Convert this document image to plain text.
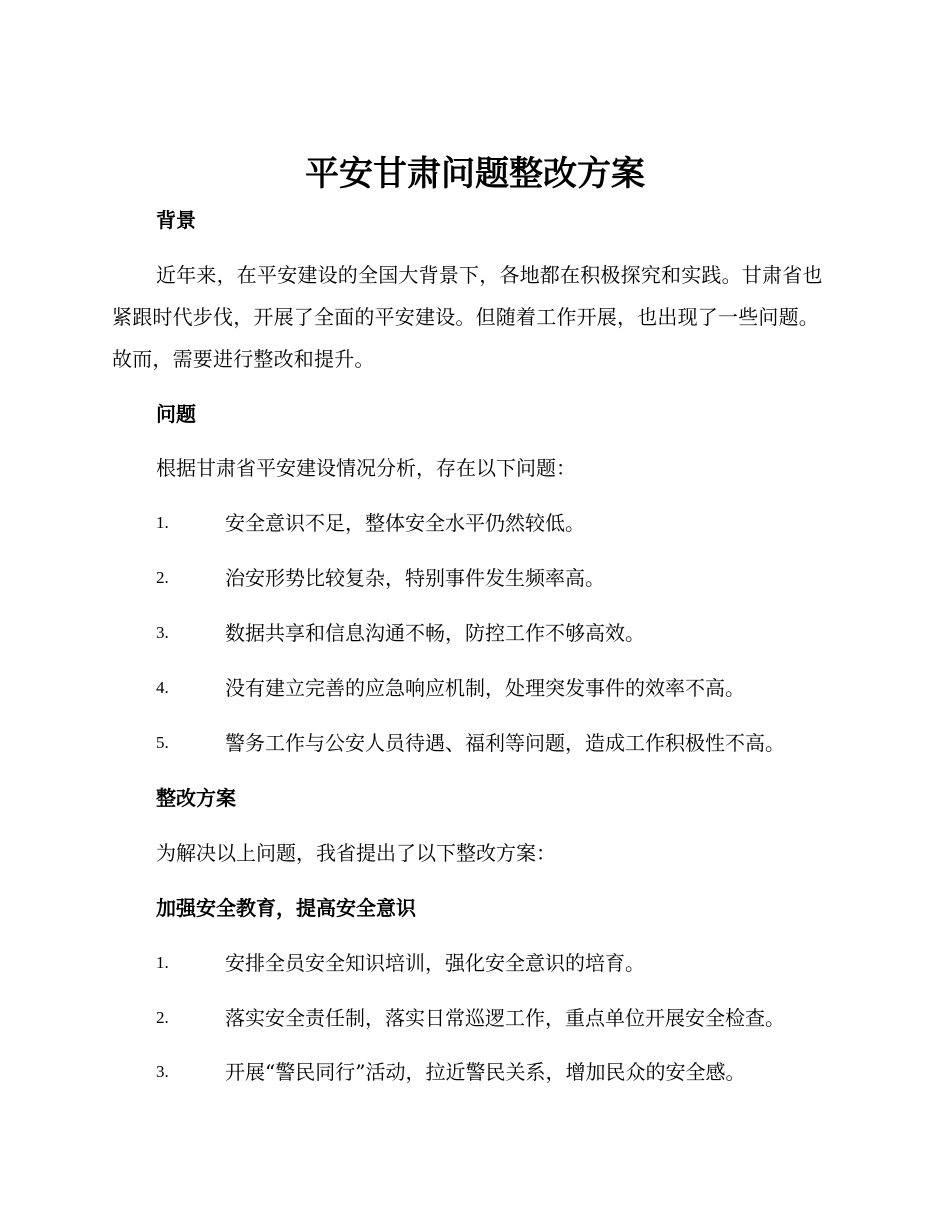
平安甘肃问题整改方案
背景
近年来，在平安建设的全国大背景下，各地都在积极探究和实践。甘肃省也紧跟时代步伐，开展了全面的平安建设。但随着工作开展，也出现了一些问题。故而，需要进行整改和提升。
问题
根据甘肃省平安建设情况分析，存在以下问题：
1.	安全意识不足，整体安全水平仍然较低。
2.	治安形势比较复杂，特别事件发生频率高。
3.	数据共享和信息沟通不畅，防控工作不够高效。
4.	没有建立完善的应急响应机制，处理突发事件的效率不高。
5.	警务工作与公安人员待遇、福利等问题，造成工作积极性不高。
整改方案
为解决以上问题，我省提出了以下整改方案：
加强安全教育，提高安全意识
1.	安排全员安全知识培训，强化安全意识的培育。
2.	落实安全责任制，落实日常巡逻工作，重点单位开展安全检查。
3.	开展“警民同行”活动，拉近警民关系，增加民众的安全感。
